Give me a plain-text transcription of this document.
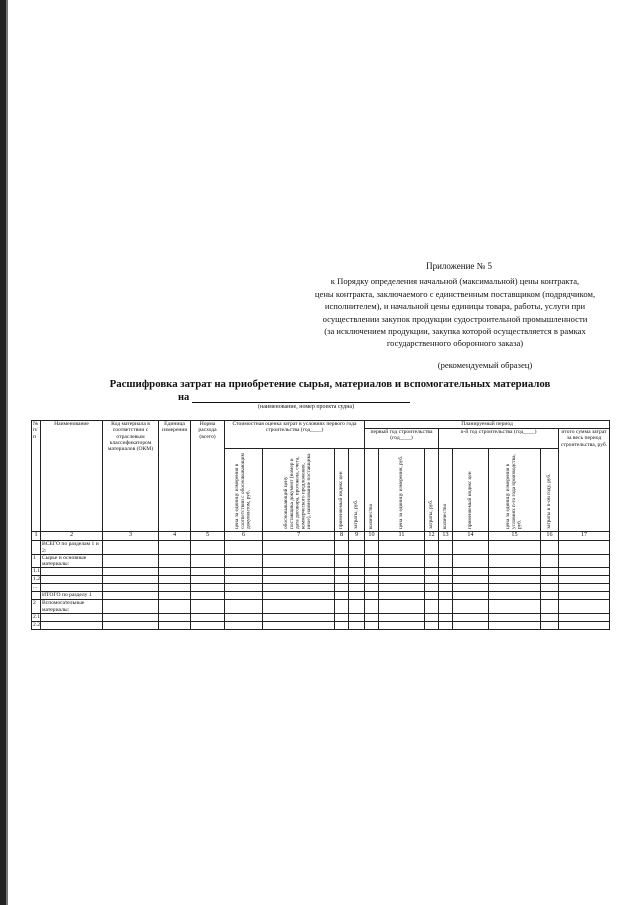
Приложение № 5
к Порядку определения начальной (максимальной) цены контракта,
цены контракта, заключаемого с единственным поставщиком (подрядчиком,
исполнителем), и начальной цены единицы товара, работы, услуги при
осуществлении закупок продукции судостроительной промышленности
(за исключением продукции, закупка которой осуществляется в рамках
государственного оборонного заказа)
(рекомендуемый образец)
Расшифровка затрат на приобретение сырья, материалов и вспомогательных материалов
на
(наименование, номер проекта судна)
№ п/п	Наименование	Код материала в соответствии с отраслевым классификатором материалов (ОКМ)	Единица измерения	Норма расхода (всего)	Стоимостная оценка затрат в условиях первого года строительства (год____)				Планируемый период							
									первый год строительства (год____)			n-й год строительства (год____)				итого сумма затрат за весь период строительства, руб.
					цена за единицу измерения в соответствии с обосновывающим документом, руб.	обосновывающий цену поставщика документ (номер и дата договора, протокола, счета, коммерческого предложения, иное), наименование поставщика	применяемый индекс цен	затраты, руб.	количество	цена за единицу измерения, руб.	затраты, руб.	количество	применяемый индекс цен	цена за единицу измерения в условиях n-го года производства, руб.	затраты в n-ом году, руб.	
1	2	3	4	5	6	7	8	9	10	11	12	13	14	15	16	17
	ВСЕГО по разделам 1 и 2:															
1	Сырье и основные материалы:															
1.1																
1.2																
...																
	ИТОГО по разделу 1															
2	Вспомогательные материалы:															
2.1																
2.2																
